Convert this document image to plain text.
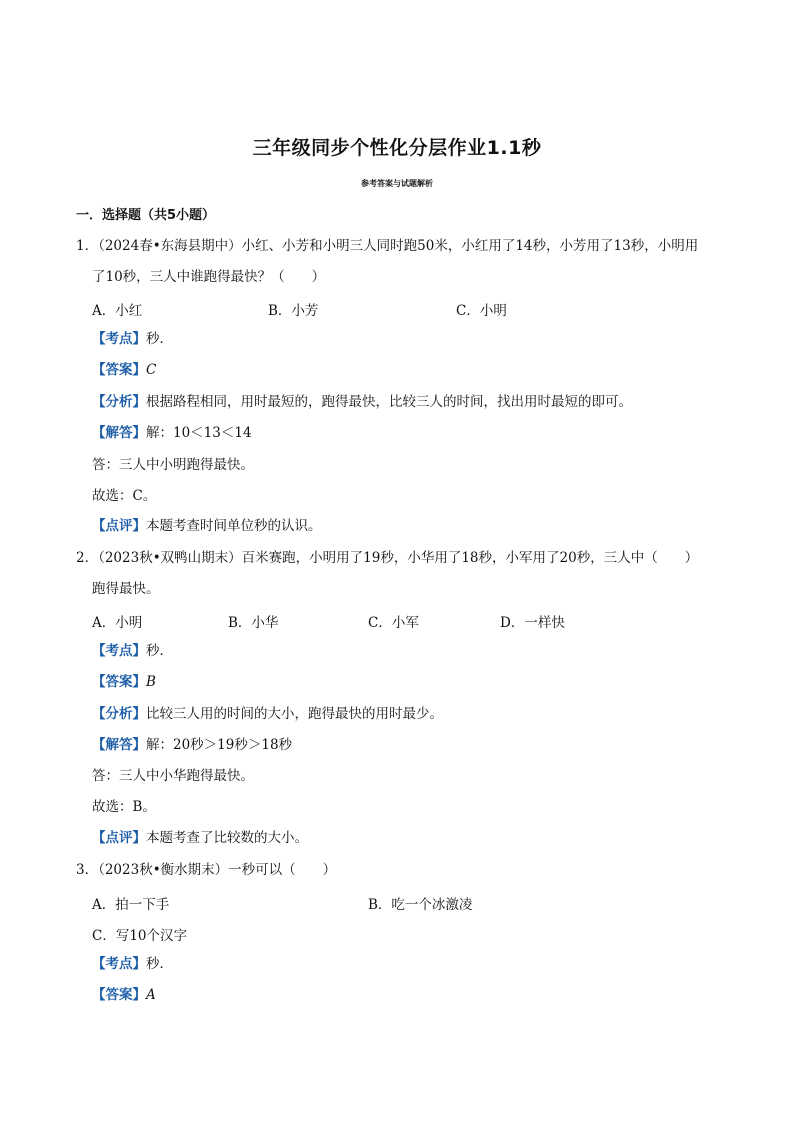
三年级同步个性化分层作业1.1秒
参考答案与试题解析
一．选择题（共5小题）
1．（2024春•东海县期中）小红、小芳和小明三人同时跑50米，小红用了14秒，小芳用了13秒，小明用
了10秒，三人中谁跑得最快？（　　）
A．小红	B．小芳	C．小明
【考点】秒．
【答案】C
【分析】根据路程相同，用时最短的，跑得最快，比较三人的时间，找出用时最短的即可。
【解答】解：10＜13＜14
答：三人中小明跑得最快。
故选：C。
【点评】本题考查时间单位秒的认识。
2．（2023秋•双鸭山期末）百米赛跑，小明用了19秒，小华用了18秒，小军用了20秒，三人中（　　）
跑得最快。
A．小明	B．小华	C．小军	D．一样快
【考点】秒．
【答案】B
【分析】比较三人用的时间的大小，跑得最快的用时最少。
【解答】解：20秒＞19秒＞18秒
答：三人中小华跑得最快。
故选：B。
【点评】本题考查了比较数的大小。
3．（2023秋•衡水期末）一秒可以（　　）
A．拍一下手	B．吃一个冰激凌
C．写10个汉字
【考点】秒．
【答案】A
